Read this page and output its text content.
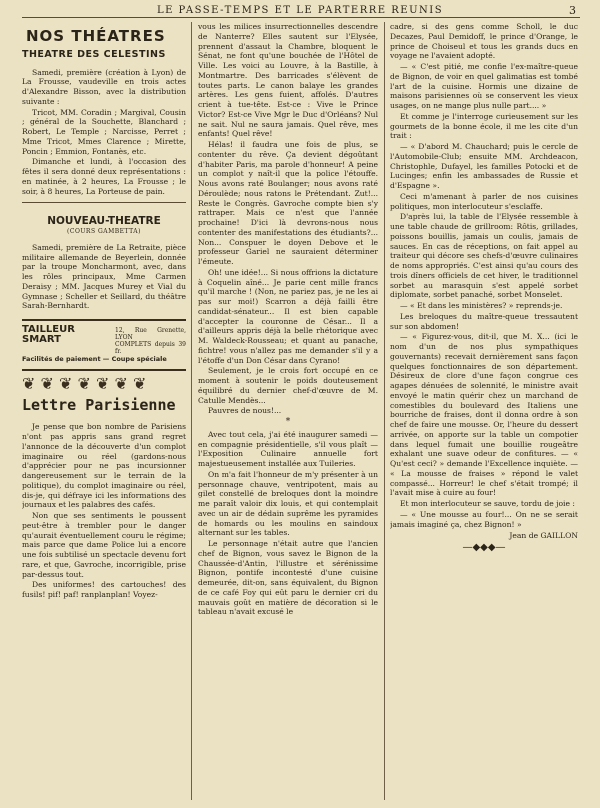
LE PASSE-TEMPS ET LE PARTERRE REUNIS	3
NOS THÉATRES
THEATRE DES CELESTINS

Samedi, première (création à Lyon) de La Frousse, vaudeville en trois actes d'Alexandre Bisson, avec la distribution suivante :

Tricot, MM. Coradin ; Margival, Cousin ; général de la Souchette, Blanchard ; Robert, Le Temple ; Narcisse, Perret ; Mme Tricot, Mmes Clarence ; Mirette, Poncin ; Emmion, Fontanès, etc.

Dimanche et lundi, à l'occasion des fêtes il sera donné deux représentations : en matinée, à 2 heures, La Frousse ; le soir, à 8 heures, La Porteuse de pain.

NOUVEAU-THEATRE
(COURS GAMBETTA)

Samedi, première de La Retraite, pièce militaire allemande de Beyerlein, donnée par la troupe Moncharmont, avec, dans les rôles principaux, Mme Carmen Deraisy ; MM. Jacques Murey et Vial du Gymnase ; Scheller et Seillard, du théâtre Sarah-Bernhardt.

TAILLEUR SMART
12, Rue Grenette, LYON
COMPLETS depuis 39 fr.
Facilités de paiement — Coupe spéciale
❦ ❦ ❦ ❦ ❦ ❦ ❦
Lettre Parisienne

Je pense que bon nombre de Parisiens n'ont pas appris sans grand regret l'annonce de la découverte d'un complot imaginaire ou réel (gardons-nous d'apprécier pour ne pas incursionner dangereusement sur le terrain de la politique), du complot imaginaire ou réel, dis-je, qui défraye ici les informations des journaux et les palabres des cafés.

Non que ses sentiments le poussent peut-être à trembler pour le danger qu'aurait éventuellement couru le régime; mais parce que dame Police lui a encore une fois subtilisé un spectacle devenu fort rare, et que, Gavroche, incorrigible, prise par-dessus tout.

Des uniformes! des cartouches! des fusils! pif! paf! ranplanplan! Voyez-

vous les milices insurrectionnelles descendre de Nanterre? Elles sautent sur l'Elysée, prennent d'assaut la Chambre, bloquent le Sénat, ne font qu'une bouchée de l'Hôtel de Ville. Les voici au Louvre, à la Bastille, à Montmartre. Des barricades s'élèvent de toutes parts. Le canon balaye les grandes artères. Les gens fuient, affolés. D'autres crient à tue-tête. Est-ce : Vive le Prince Victor? Est-ce Vive Mgr le Duc d'Orléans? Nul ne sait. Nul ne saura jamais. Quel rêve, mes enfants! Quel rêve!

Hélas! il faudra une fois de plus, se contenter du rêve. Ça devient dégoûtant d'habiter Paris, ma parole d'honneur! A peine un complot y naît-il que la police l'étouffe. Nous avons raté Boulanger; nous avons raté Déroulède; nous ratons le Prétendant. Zut!... Reste le Congrès. Gavroche compte bien s'y rattraper. Mais ce n'est que l'année prochaine! D'ici là devrons-nous nous contenter des manifestations des étudiants?... Non... Conspuer le doyen Debove et le professeur Gariel ne sauraient déterminer l'émeute.

Oh! une idée!... Si nous offrions la dictature à Coquelin aîné... Je parie cent mille francs qu'il marche ! (Non, ne pariez pas, je ne les ai pas sur moi!) Scarron a déjà failli être candidat-sénateur... Il est bien capable d'accepter la couronne de César... Il a d'ailleurs appris déjà la belle rhétorique avec M. Waldeck-Rousseau; et quant au panache, fichtre! vous n'allez pas me demander s'il y a l'étoffe d'un Don César dans Cyrano!

Seulement, je le crois fort occupé en ce moment à soutenir le poids douteusement équilibré du dernier chef-d'œuvre de M. Catulle Mendès...

Pauvres de nous!...

*

Avec tout cela, j'ai été inaugurer samedi — en compagnie présidentielle, s'il vous plaît — l'Exposition Culinaire annuelle fort majestueusement installée aux Tuileries.

On m'a fait l'honneur de m'y présenter à un personnage chauve, ventripotent, mais au gilet constellé de breloques dont la moindre me paraît valoir dix louis, et qui contemplait avec un air de dédain suprême les pyramides de homards ou les moulins en saindoux alternant sur les tables.

Le personnage n'était autre que l'ancien chef de Bignon, vous savez le Bignon de la Chaussée-d'Antin, l'illustre et sérénissime Bignon, pontife incontesté d'une cuisine demeurée, dit-on, sans équivalent, du Bignon de ce café Foy qui eût paru le dernier cri du mauvais goût en matière de décoration si le tableau n'avait excusé le

cadre, si des gens comme Scholl, le duc Decazes, Paul Demidoff, le prince d'Orange, le prince de Choiseul et tous les grands ducs en voyage ne l'avaient adopté.

— « C'est pitié, me confie l'ex-maître-queue de Bignon, de voir en quel galimatias est tombé l'art de la cuisine. Hormis une dizaine de maisons parisiennes où se conservent les vieux usages, on ne mange plus nulle part.... »

Et comme je l'interroge curieusement sur les gourmets de la bonne école, il me les cite d'un trait :

— « D'abord M. Chauchard; puis le cercle de l'Automobile-Club; ensuite MM. Archdeacon, Christophle, Dufayel, les familles Potocki et de Lucinges; enfin les ambassades de Russie et d'Espagne ».

Ceci m'amenant à parler de nos cuisines politiques, mon interlocuteur s'esclaffe.

D'après lui, la table de l'Elysée ressemble à une table chaude de grillroom: Rôtis, grillades, poissons bouillis, jamais un coulis, jamais de sauces. En cas de réceptions, on fait appel au traiteur qui décore ses chefs-d'œuvre culinaires de noms appropriés. C'est ainsi qu'au cours des trois dîners officiels de cet hiver, le traditionnel sorbet au marasquin s'est appelé sorbet diplomate, sorbet panaché, sorbet Monselet.

— « Et dans les ministères? » reprends-je.

Les breloques du maître-queue tressautent sur son abdomen!

— « Figurez-vous, dit-il, que M. X... (ici le nom d'un de nos plus sympathiques gouvernants) recevait dernièrement sans façon quelques fonctionnaires de son département. Désireux de clore d'une façon congrue ces agapes dénuées de solennité, le ministre avait envoyé le matin quérir chez un marchand de comestibles du boulevard des Italiens une bourriche de fraises, dont il donna ordre à son chef de faire une mousse. Or, l'heure du dessert arrivée, on apporte sur la table un compotier dans lequel fumait une bouillie rougeâtre exhalant une suave odeur de confitures. — « Qu'est ceci? » demande l'Excellence inquiète. — « La mousse de fraises » répond le valet compassé... Horreur! le chef s'était trompé; il l'avait mise à cuire au four!

Et mon interlocuteur se sauve, tordu de joie :

— « Une mousse au four!... On ne se serait jamais imaginé ça, chez Bignon! »

Jean de GAILLON
—◆◆◆—
